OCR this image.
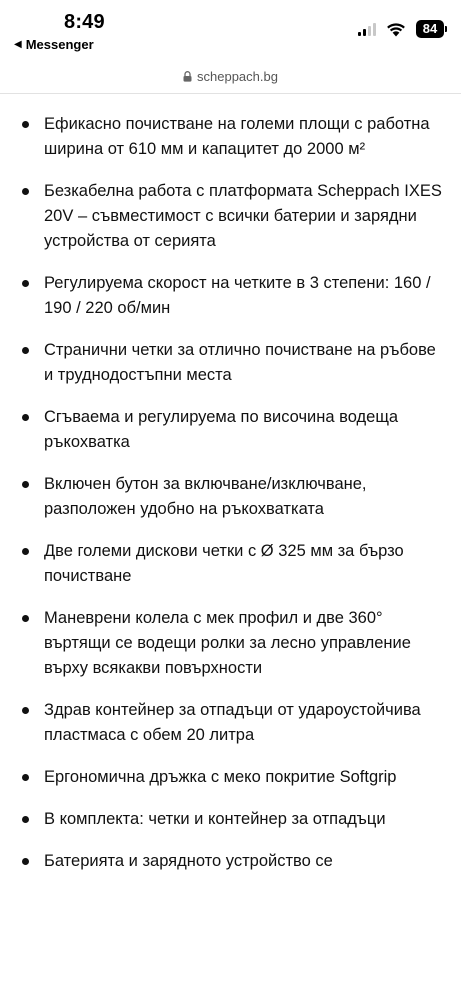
8:49
◀ Messenger
84
scheppach.bg
Ефикасно почистване на големи площи с работна ширина от 610 мм и капацитет до 2000 м²
Безкабелна работа с платформата Scheppach IXES 20V – съвместимост с всички батерии и зарядни устройства от серията
Регулируема скорост на четките в 3 степени: 160 / 190 / 220 об/мин
Странични четки за отлично почистване на ръбове и труднодостъпни места
Сгъваема и регулируема по височина водеща ръкохватка
Включен бутон за включване/изключване, разположен удобно на ръкохватката
Две големи дискови четки с Ø 325 мм за бързо почистване
Маневрени колела с мек профил и две 360° въртящи се водещи ролки за лесно управление върху всякакви повърхности
Здрав контейнер за отпадъци от удароустойчива пластмаса с обем 20 литра
Ергономична дръжка с меко покритие Softgrip
В комплекта: четки и контейнер за отпадъци
Батерията и зарядното устройство се
